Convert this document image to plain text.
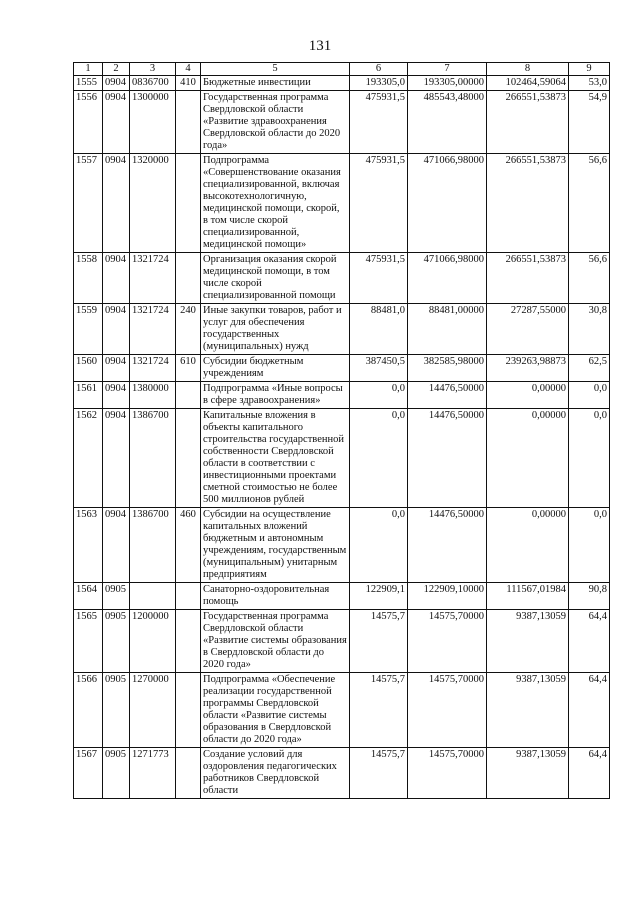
131
1	2	3	4	5	6	7	8	9
1555	0904	0836700	410	Бюджетные инвестиции	193305,0	193305,00000	102464,59064	53,0
1556	0904	1300000		Государственная программа Свердловской области «Развитие здравоохранения Свердловской области до 2020 года»	475931,5	485543,48000	266551,53873	54,9
1557	0904	1320000		Подпрограмма «Совершенствование оказания специализированной, включая высокотехнологичную, медицинской помощи, скорой, в том числе скорой специализированной, медицинской помощи»	475931,5	471066,98000	266551,53873	56,6
1558	0904	1321724		Организация оказания скорой медицинской помощи, в том числе скорой специализированной помощи	475931,5	471066,98000	266551,53873	56,6
1559	0904	1321724	240	Иные закупки товаров, работ и услуг для обеспечения государственных (муниципальных) нужд	88481,0	88481,00000	27287,55000	30,8
1560	0904	1321724	610	Субсидии бюджетным учреждениям	387450,5	382585,98000	239263,98873	62,5
1561	0904	1380000		Подпрограмма «Иные вопросы в сфере здравоохранения»	0,0	14476,50000	0,00000	0,0
1562	0904	1386700		Капитальные вложения в объекты капитального строительства государственной собственности Свердловской области в соответствии с инвестиционными проектами сметной стоимостью не более 500 миллионов рублей	0,0	14476,50000	0,00000	0,0
1563	0904	1386700	460	Субсидии на осуществление капитальных вложений бюджетным и автономным учреждениям, государственным (муниципальным) унитарным предприятиям	0,0	14476,50000	0,00000	0,0
1564	0905			Санаторно-оздоровительная помощь	122909,1	122909,10000	111567,01984	90,8
1565	0905	1200000		Государственная программа Свердловской области «Развитие системы образования в Свердловской области до 2020 года»	14575,7	14575,70000	9387,13059	64,4
1566	0905	1270000		Подпрограмма «Обеспечение реализации государственной программы Свердловской области «Развитие системы образования в Свердловской области до 2020 года»	14575,7	14575,70000	9387,13059	64,4
1567	0905	1271773		Создание условий для оздоровления педагогических работников Свердловской области	14575,7	14575,70000	9387,13059	64,4
